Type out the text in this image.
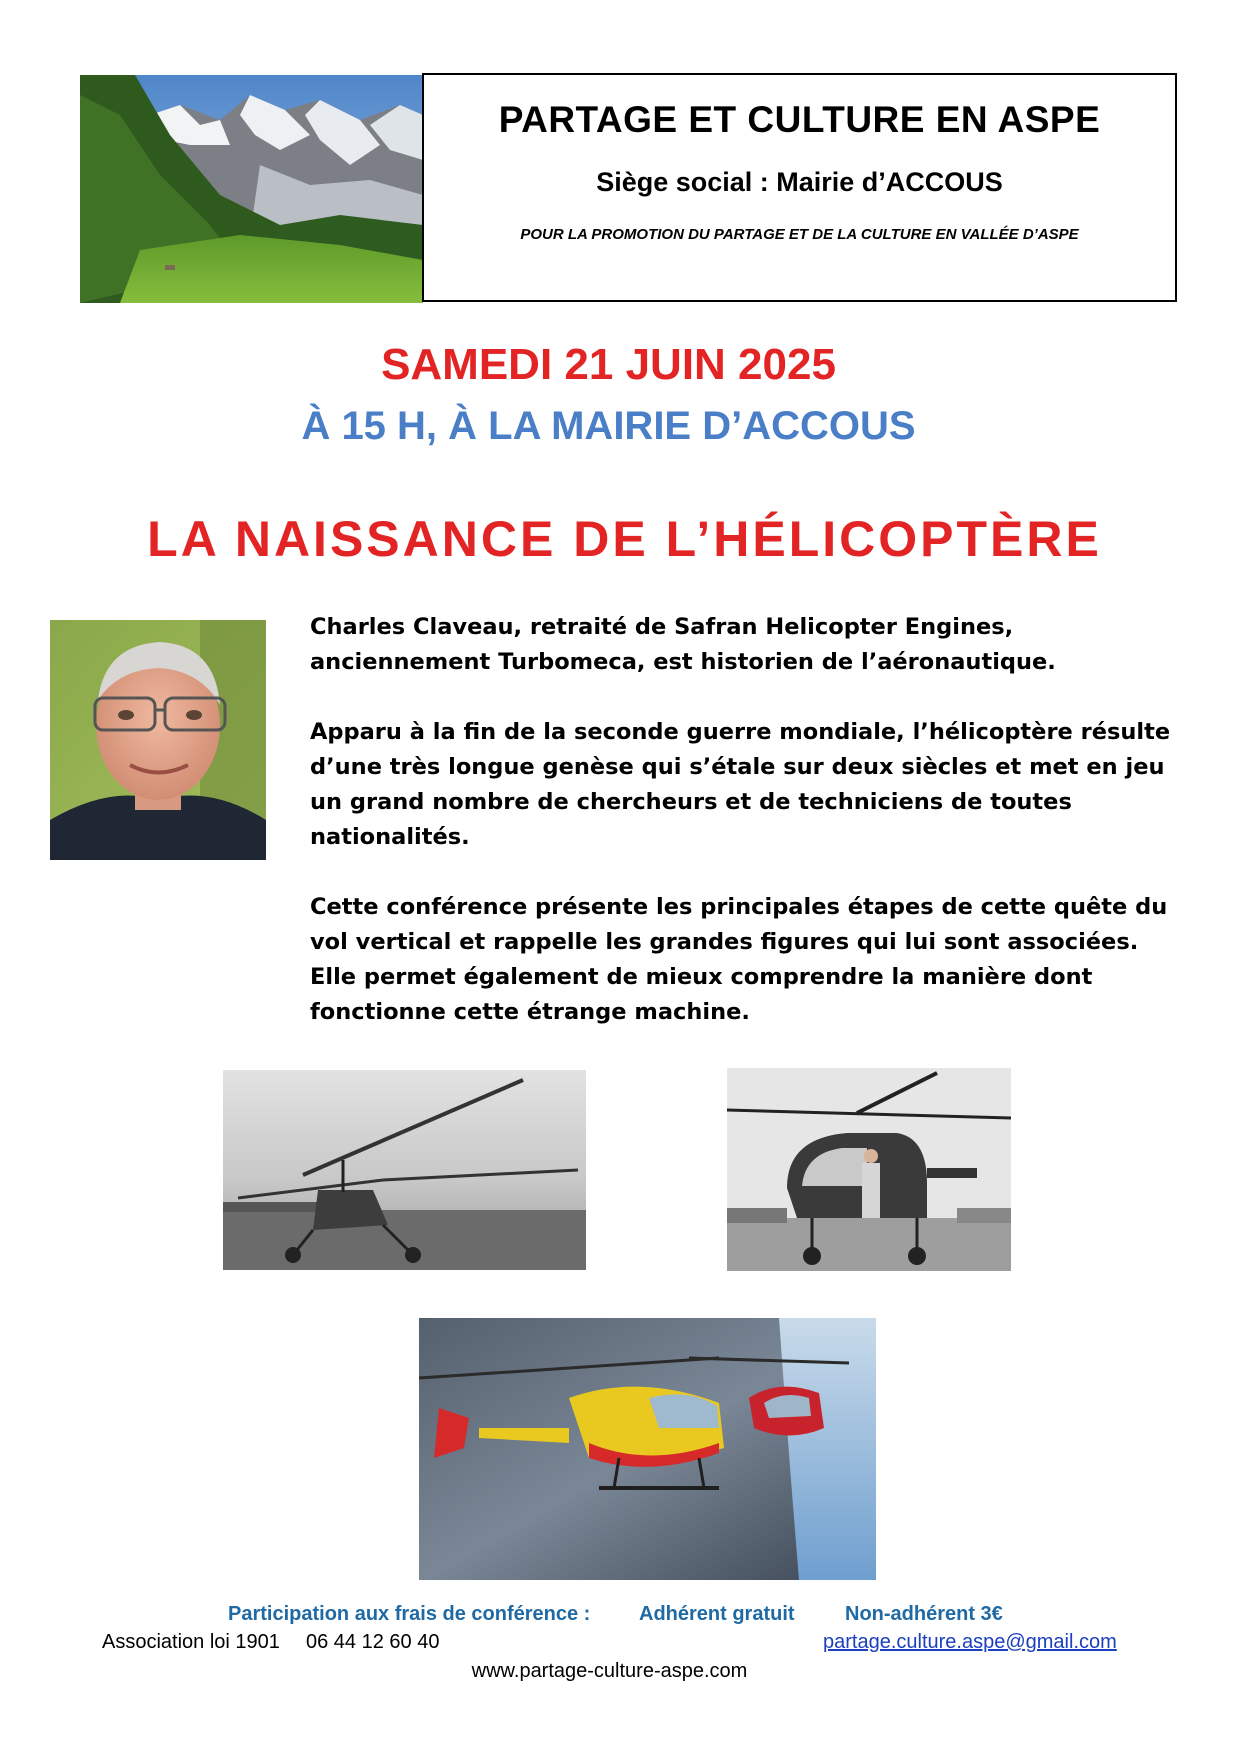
PARTAGE ET CULTURE EN ASPE
Siège social : Mairie d’ACCOUS
POUR LA PROMOTION DU PARTAGE ET DE LA CULTURE EN VALLÉE D’ASPE
SAMEDI 21 JUIN 2025
À 15 H, À LA MAIRIE D’ACCOUS
LA NAISSANCE DE L’HÉLICOPTÈRE

Charles Claveau, retraité de Safran Helicopter Engines, anciennement Turbomeca, est historien de l’aéronautique.

Apparu à la fin de la seconde guerre mondiale, l’hélicoptère résulte d’une très longue genèse qui s’étale sur deux siècles et met en jeu un grand nombre de chercheurs et de techniciens de toutes nationalités.

Cette conférence présente les principales étapes de cette quête du vol vertical et rappelle les grandes figures qui lui sont associées. Elle permet également de mieux comprendre la manière dont fonctionne cette étrange machine.

Participation aux frais de conférence : Adhérent gratuit	Non-adhérent 3€
Association loi 1901 06 44 12 60 40	partage.culture.aspe@gmail.com
www.partage-culture-aspe.com
